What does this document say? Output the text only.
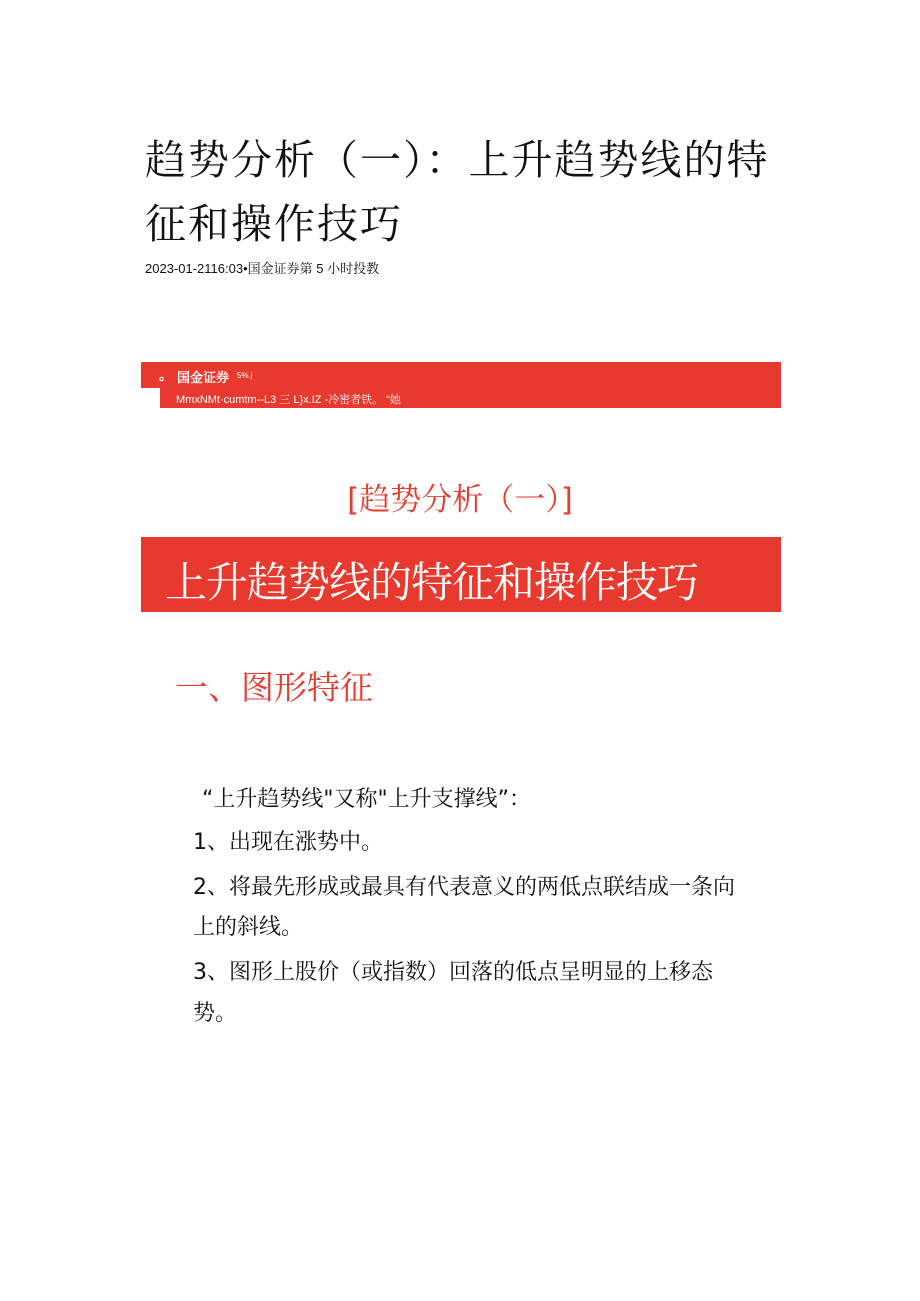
趋势分析（一）：上升趋势线的特征和操作技巧
2023-01-2116:03•国金证券第 5 小时投教
。 国金证券 5%.j
MmxNMt·cumtm--L3 三 L}x.IZ -冷密者铁。 “她
[趋势分析（一）]
上升趋势线的特征和操作技巧
一、图形特征

“上升趋势线"又称"上升支撑线”：

1、出现在涨势中。

2、将最先形成或最具有代表意义的两低点联结成一条向

上的斜线。

3、图形上股价（或指数）回落的低点呈明显的上移态

势。
